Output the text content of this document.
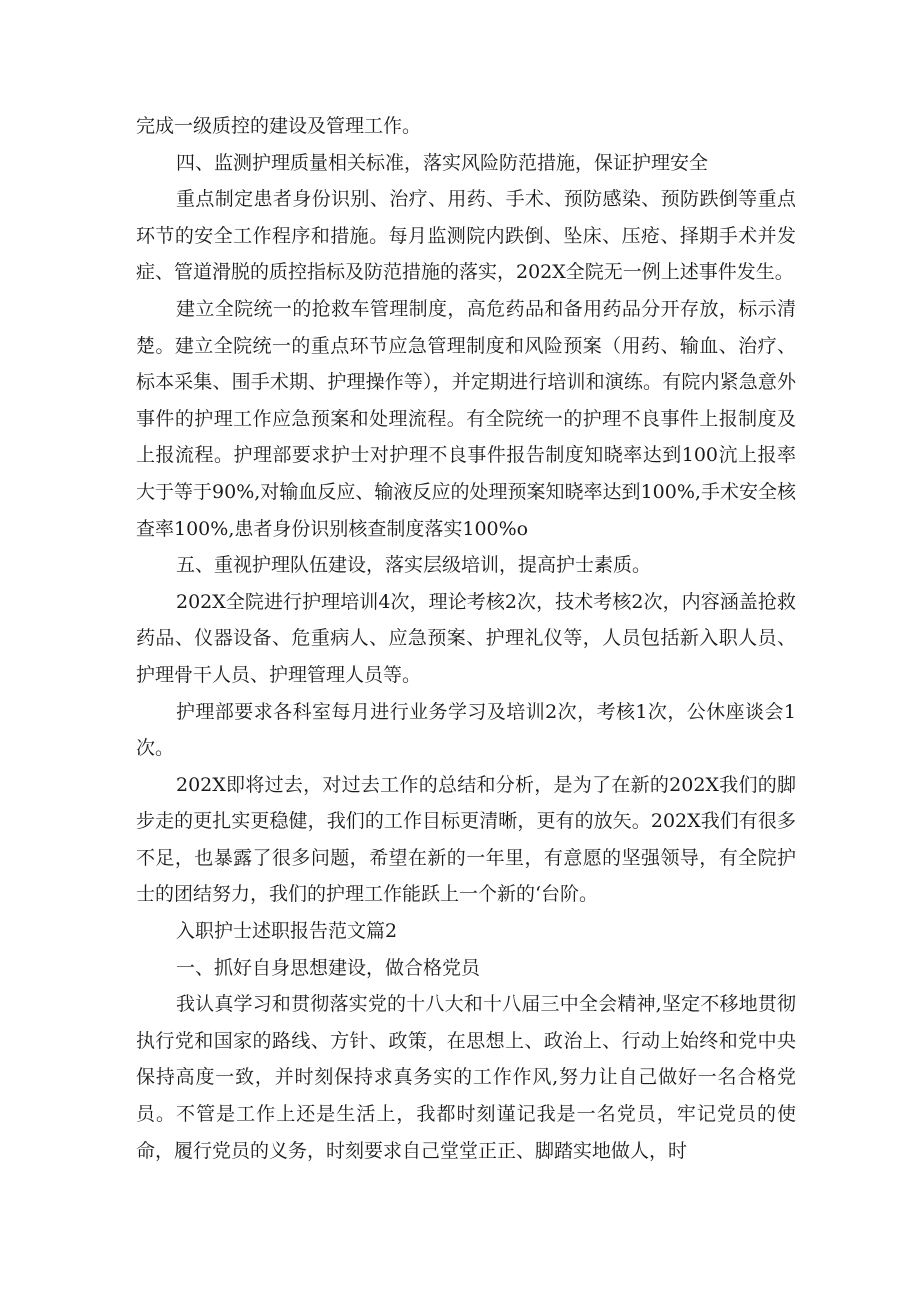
完成一级质控的建设及管理工作。

四、监测护理质量相关标准，落实风险防范措施，保证护理安全

重点制定患者身份识别、治疗、用药、手术、预防感染、预防跌倒等重点环节的安全工作程序和措施。每月监测院内跌倒、坠床、压疮、择期手术并发症、管道滑脱的质控指标及防范措施的落实，202X全院无一例上述事件发生。

建立全院统一的抢救车管理制度，高危药品和备用药品分开存放，标示清楚。建立全院统一的重点环节应急管理制度和风险预案（用药、输血、治疗、标本采集、围手术期、护理操作等），并定期进行培训和演练。有院内紧急意外事件的护理工作应急预案和处理流程。有全院统一的护理不良事件上报制度及上报流程。护理部要求护士对护理不良事件报告制度知晓率达到100沆上报率大于等于90%,对输血反应、输液反应的处理预案知晓率达到100%,手术安全核查率100%,患者身份识别核查制度落实100%o

五、重视护理队伍建设，落实层级培训，提高护士素质。

202X全院进行护理培训4次，理论考核2次，技术考核2次，内容涵盖抢救药品、仪器设备、危重病人、应急预案、护理礼仪等，人员包括新入职人员、护理骨干人员、护理管理人员等。

护理部要求各科室每月进行业务学习及培训2次，考核1次，公休座谈会1次。

202X即将过去，对过去工作的总结和分析，是为了在新的202X我们的脚步走的更扎实更稳健，我们的工作目标更清晰，更有的放矢。202X我们有很多不足，也暴露了很多问题，希望在新的一年里，有意愿的坚强领导，有全院护士的团结努力，我们的护理工作能跃上一个新的‘台阶。

入职护士述职报告范文篇2

一、抓好自身思想建设，做合格党员

我认真学习和贯彻落实党的十八大和十八届三中全会精神,坚定不移地贯彻执行党和国家的路线、方针、政策，在思想上、政治上、行动上始终和党中央保持高度一致，并时刻保持求真务实的工作作风,努力让自己做好一名合格党员。不管是工作上还是生活上，我都时刻谨记我是一名党员，牢记党员的使命，履行党员的义务，时刻要求自己堂堂正正、脚踏实地做人，时
